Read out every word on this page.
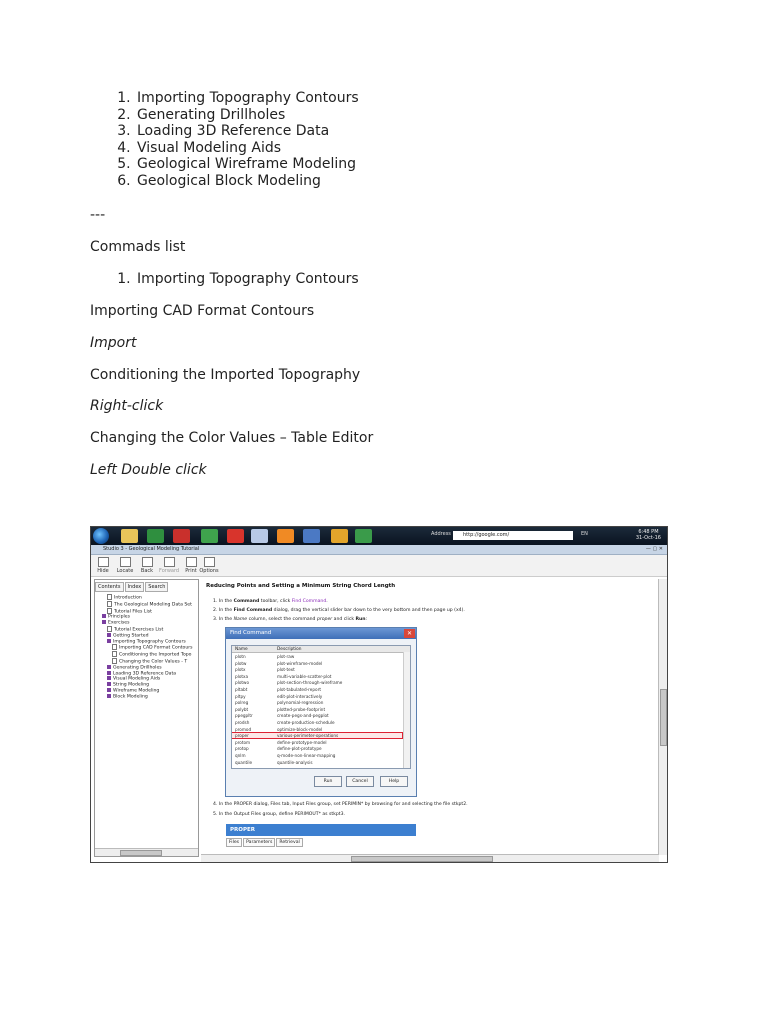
1. Importing Topography Contours
2. Generating Drillholes
3. Loading 3D Reference Data
4. Visual Modeling Aids
5. Geological Wireframe Modeling
6. Geological Block Modeling
---
Commads list
1. Importing Topography Contours
Importing CAD Format Contours
Import
Conditioning the Imported Topography
Right-click
Changing the Color Values – Table Editor
Left Double click
Address	http://google.com/	EN	6:48 PM
31-Oct-16
Studio 3 - Geological Modeling Tutorial	— ▢ ✕
Hide	Locate	Back	Forward	Print Options
Contents Index Search
Introduction
The Geological Modeling Data Set
Tutorial Files List
Principles
Exercises
Tutorial Exercises List
Getting Started
Importing Topography Contours
Importing CAD Format Contours
Conditioning the Imported Topo
Changing the Color Values - T
Generating Drillholes
Loading 3D Reference Data
Visual Modeling Aids
String Modeling
Wireframe Modeling
Block Modeling
Reducing Points and Setting a Minimum String Chord Length
1. In the Command toolbar, click Find Command.
2. In the Find Command dialog, drag the vertical slider bar down to the very bottom and then page up (x4).
3. In the Name column, select the command proper and click Run:
4. In the PROPER dialog, Files tab, Input Files group, set PERIMIN* by browsing for and selecting the file stkpt2.
5. In the Output Files group, define PERIMOUT* as stkpt3.
Find Command	✕
Name	Description
plotn	plot-raw
plotw	plot-wireframe-model
plotx	plot-text
plotxa	multi-variable-scatter-plot
plotwo	plot-section-through-wireframe
pltabt	plot-tabulated-report
pltpy	edit-plot-interactively
polreg	polynomial-regression
polybt	plotted-probe-footprint
ppegpltr	create-pegs-and-pegplot
prodsh	create-production-schedule
promod	optimize-block-model
proper	various-perimeter-operations
protom	define-prototype-model
protop	define-plot-prototype
qnlm	q-mode-non-linear-mapping
quantile	quantile-analysis
Run	Cancel	Help
PROPER
Files Parameters Retrieval
